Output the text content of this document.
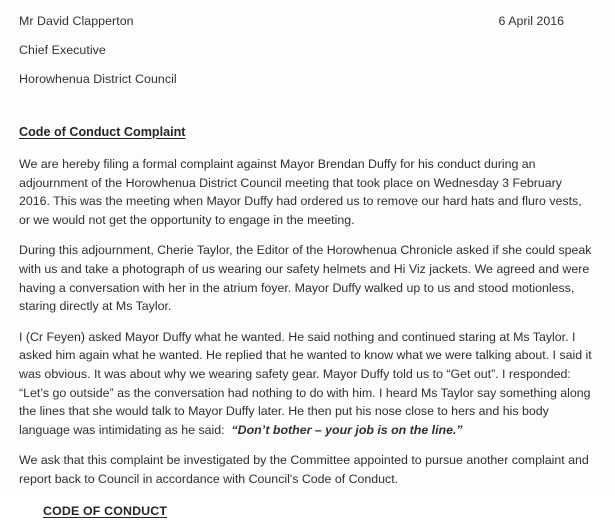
Mr David Clapperton
Chief Executive
Horowhenua District Council
6 April 2016
Code of Conduct Complaint

We are hereby filing a formal complaint against Mayor Brendan Duffy for his conduct during an adjournment of the Horowhenua District Council meeting that took place on Wednesday 3 February 2016. This was the meeting when Mayor Duffy had ordered us to remove our hard hats and fluro vests, or we would not get the opportunity to engage in the meeting.

During this adjournment, Cherie Taylor, the Editor of the Horowhenua Chronicle asked if she could speak with us and take a photograph of us wearing our safety helmets and Hi Viz jackets. We agreed and were having a conversation with her in the atrium foyer. Mayor Duffy walked up to us and stood motionless, staring directly at Ms Taylor.

I (Cr Feyen) asked Mayor Duffy what he wanted. He said nothing and continued staring at Ms Taylor. I asked him again what he wanted. He replied that he wanted to know what we were talking about. I said it was obvious. It was about why we wearing safety gear. Mayor Duffy told us to “Get out”. I responded: “Let’s go outside” as the conversation had nothing to do with him. I heard Ms Taylor say something along the lines that she would talk to Mayor Duffy later. He then put his nose close to hers and his body language was intimidating as he said: “Don’t bother – your job is on the line.”

We ask that this complaint be investigated by the Committee appointed to pursue another complaint and report back to Council in accordance with Council's Code of Conduct.

CODE OF CONDUCT
